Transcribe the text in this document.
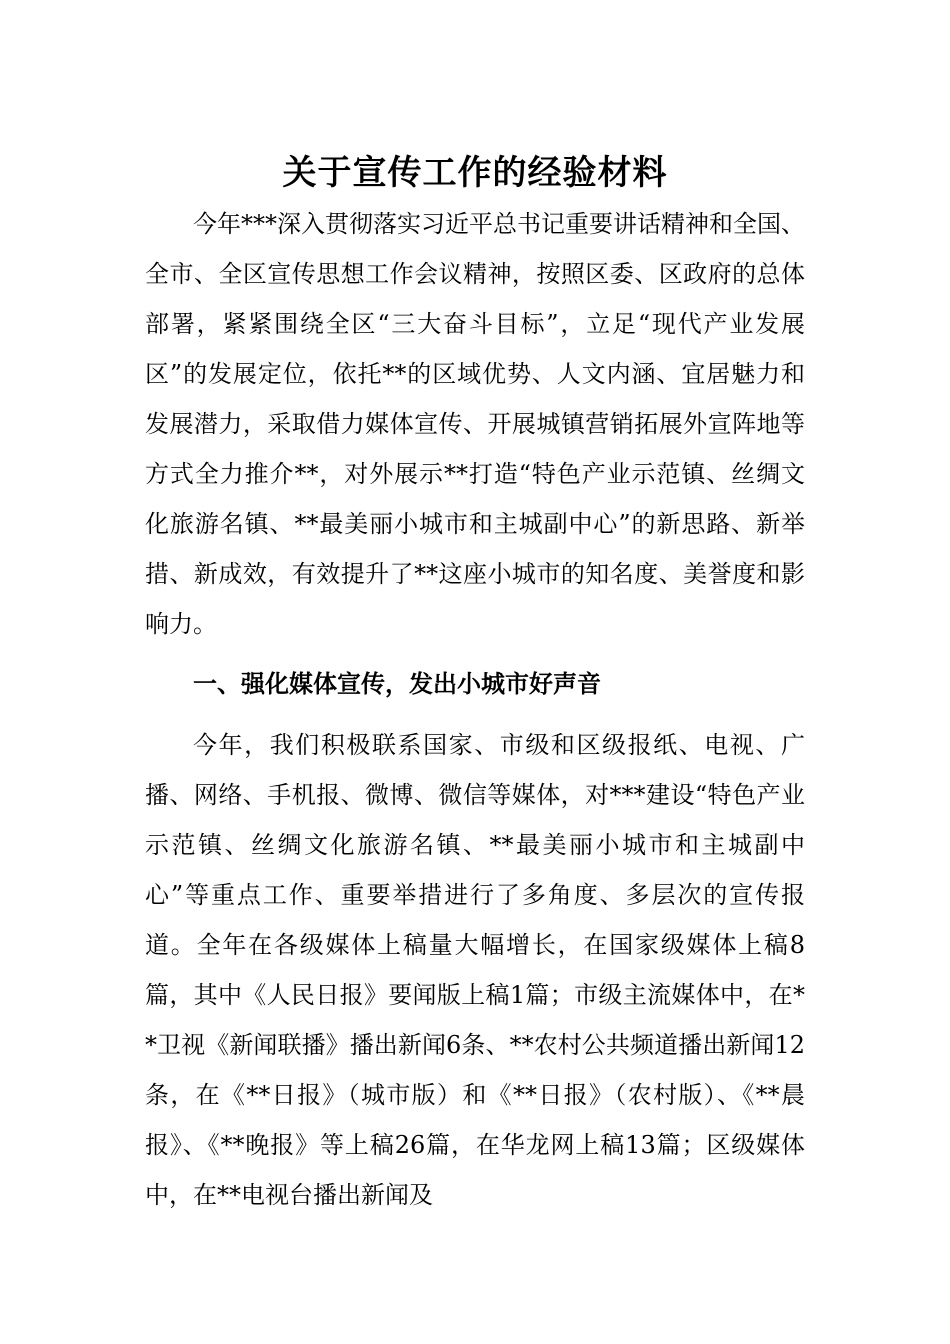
关于宣传工作的经验材料

今年***深入贯彻落实习近平总书记重要讲话精神和全国、全市、全区宣传思想工作会议精神，按照区委、区政府的总体部署，紧紧围绕全区“三大奋斗目标”，立足“现代产业发展区”的发展定位，依托**的区域优势、人文内涵、宜居魅力和发展潜力，采取借力媒体宣传、开展城镇营销拓展外宣阵地等方式全力推介**，对外展示**打造“特色产业示范镇、丝绸文化旅游名镇、**最美丽小城市和主城副中心”的新思路、新举措、新成效，有效提升了**这座小城市的知名度、美誉度和影响力。

一、强化媒体宣传，发出小城市好声音

今年，我们积极联系国家、市级和区级报纸、电视、广播、网络、手机报、微博、微信等媒体，对***建设“特色产业示范镇、丝绸文化旅游名镇、**最美丽小城市和主城副中心”等重点工作、重要举措进行了多角度、多层次的宣传报道。全年在各级媒体上稿量大幅增长，在国家级媒体上稿8篇，其中《人民日报》要闻版上稿1篇；市级主流媒体中，在**卫视《新闻联播》播出新闻6条、**农村公共频道播出新闻12条，在《**日报》（城市版）和《**日报》（农村版）、《**晨报》、《**晚报》等上稿26篇，在华龙网上稿13篇；区级媒体中，在**电视台播出新闻及
